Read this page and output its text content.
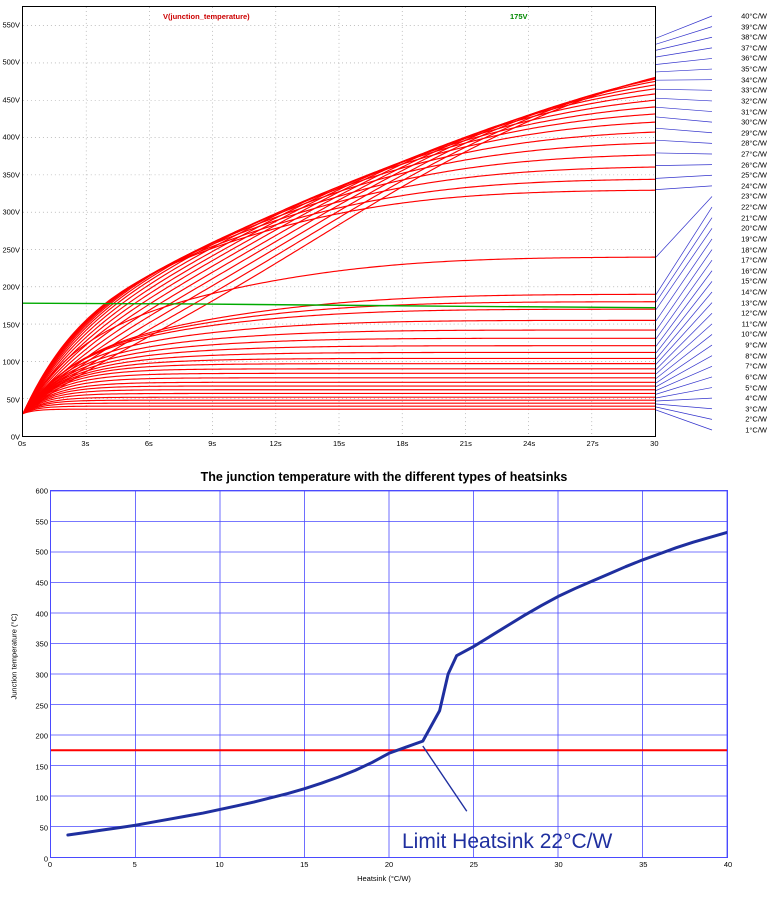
550V
500V
450V
400V
350V
300V
250V
200V
150V
100V
50V
0V
V(junction_temperature)	175V
0s	3s	6s	9s	12s	15s	18s	21s	24s	27s	30
40°C/W
39°C/W
38°C/W
37°C/W
36°C/W
35°C/W
34°C/W
33°C/W
32°C/W
31°C/W
30°C/W
29°C/W
28°C/W
27°C/W
26°C/W
25°C/W
24°C/W
23°C/W
22°C/W
21°C/W
20°C/W
19°C/W
18°C/W
17°C/W
16°C/W
15°C/W
14°C/W
13°C/W
12°C/W
11°C/W
10°C/W
9°C/W
8°C/W
7°C/W
6°C/W
5°C/W
4°C/W
3°C/W
2°C/W
1°C/W
The junction temperature with the different types of heatsinks
0
50
100
150
200
250
300
350
400
450
500
550
600
Junction temperature (°C)
0	5	10	15	20	25	30	35	40
Heatsink (°C/W)
Limit Heatsink 22°C/W
